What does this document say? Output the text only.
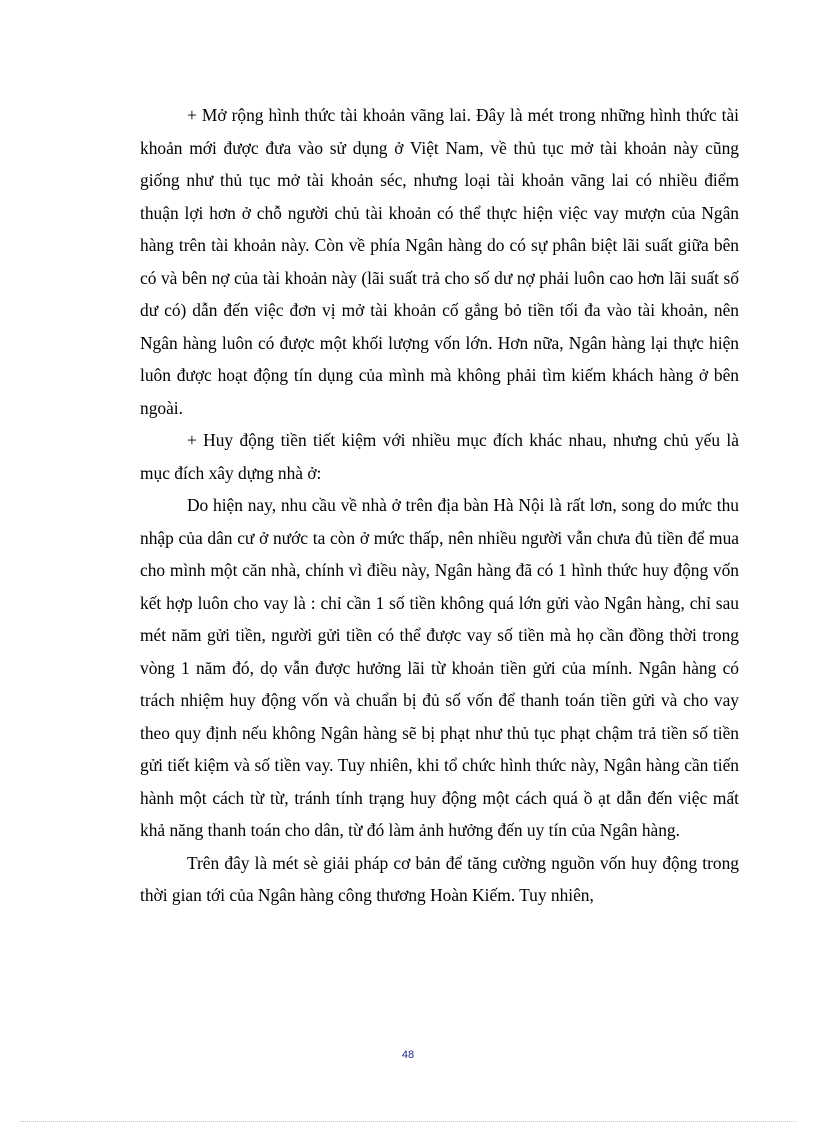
+ Mở rộng hình thức tài khoản vãng lai. Đây là mét trong những hình thức tài khoản mới được đưa vào sử dụng ở Việt Nam, về thủ tục mở tài khoản này cũng giống như thủ tục mở tài khoản séc, nhưng loại tài khoản vãng lai có nhiều điểm thuận lợi hơn ở chỗ người chủ tài khoản có thể thực hiện việc vay mượn của Ngân hàng trên tài khoản này. Còn về phía Ngân hàng do có sự phân biệt lãi suất giữa bên có và bên nợ của tài khoản này (lãi suất trả cho số dư nợ phải luôn cao hơn lãi suất số dư có) dẫn đến việc đơn vị mở tài khoản cố gắng bỏ tiền tối đa vào tài khoản, nên Ngân hàng luôn có được một khối lượng vốn lớn. Hơn nữa, Ngân hàng lại thực hiện luôn được hoạt động tín dụng của mình mà không phải tìm kiếm khách hàng ở bên ngoài.

+ Huy động tiền tiết kiệm với nhiều mục đích khác nhau, nhưng chủ yếu là mục đích xây dựng nhà ở:

Do hiện nay, nhu cầu về nhà ở trên địa bàn Hà Nội là rất lơn, song do mức thu nhập của dân cư ở nước ta còn ở mức thấp, nên nhiều người vẫn chưa đủ tiền để mua cho mình một căn nhà, chính vì điều này, Ngân hàng đã có 1 hình thức huy động vốn kết hợp luôn cho vay là : chỉ cần 1 số tiền không quá lớn gửi vào Ngân hàng, chỉ sau mét năm gửi tiền, người gửi tiền có thể được vay số tiền mà họ cần đồng thời trong vòng 1 năm đó, dọ vẫn được hưởng lãi từ khoản tiền gửi của mính. Ngân hàng có trách nhiệm huy động vốn và chuẩn bị đủ số vốn để thanh toán tiền gửi và cho vay theo quy định nếu không Ngân hàng sẽ bị phạt như thủ tục phạt chậm trả tiền số tiền gửi tiết kiệm và số tiền vay. Tuy nhiên, khi tổ chức hình thức này, Ngân hàng cần tiến hành một cách từ từ, tránh tính trạng huy động một cách quá ồ ạt dẫn đến việc mất khả năng thanh toán cho dân, từ đó làm ảnh hưởng đến uy tín của Ngân hàng.

Trên đây là mét sè giải pháp cơ bản để tăng cường nguồn vốn huy động trong thời gian tới của Ngân hàng công thương Hoàn Kiếm. Tuy nhiên,

48
